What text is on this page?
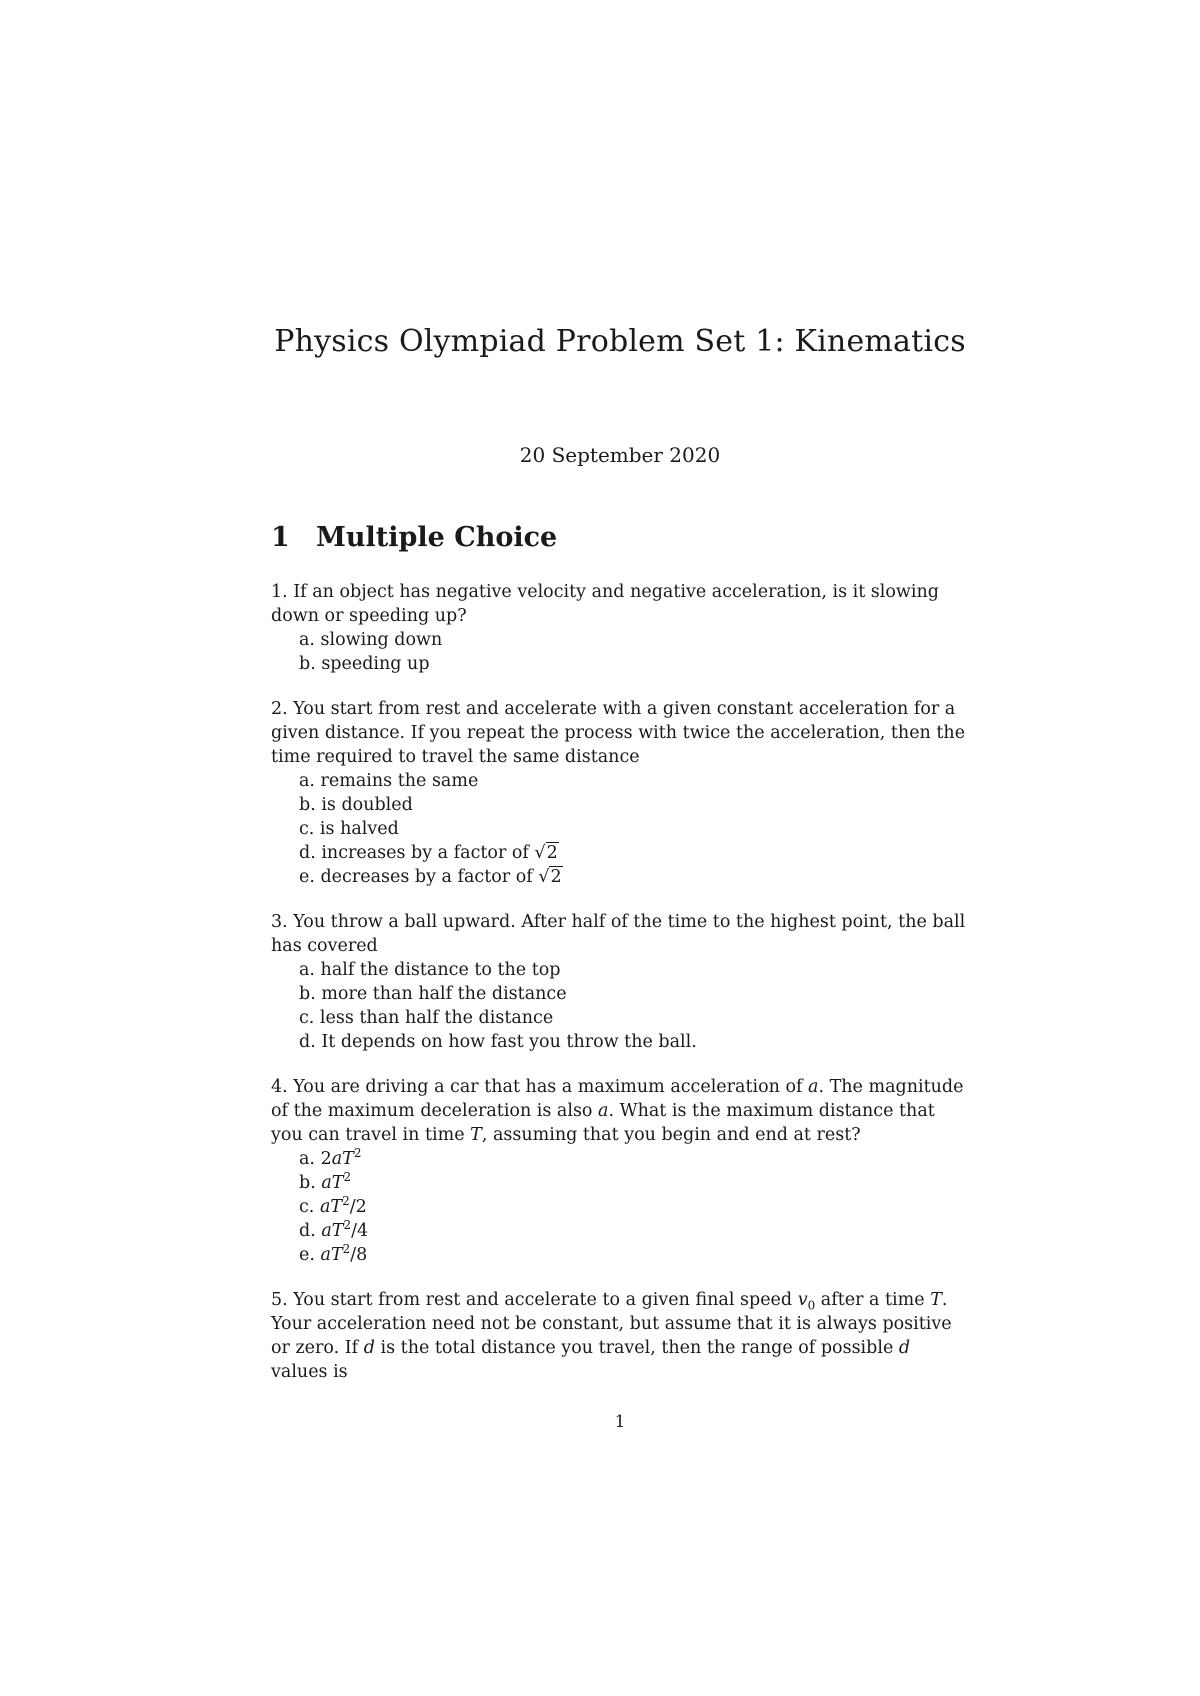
Physics Olympiad Problem Set 1: Kinematics

20 September 2020

1 Multiple Choice

1. If an object has negative velocity and negative acceleration, is it slowing down or speeding up?

a. slowing down
b. speeding up

2. You start from rest and accelerate with a given constant acceleration for a given distance. If you repeat the process with twice the acceleration, then the time required to travel the same distance

a. remains the same
b. is doubled
c. is halved
d. increases by a factor of √2
e. decreases by a factor of √2

3. You throw a ball upward. After half of the time to the highest point, the ball has covered

a. half the distance to the top
b. more than half the distance
c. less than half the distance
d. It depends on how fast you throw the ball.

4. You are driving a car that has a maximum acceleration of a. The magnitude of the maximum deceleration is also a. What is the maximum distance that you can travel in time T, assuming that you begin and end at rest?

a. $2aT^2$
b. $aT^2$
c. $aT^2/2$
d. $aT^2/4$
e. $aT^2/8$

5. You start from rest and accelerate to a given final speed $v_0$ after a time T. Your acceleration need not be constant, but assume that it is always positive or zero. If d is the total distance you travel, then the range of possible d values is

1
